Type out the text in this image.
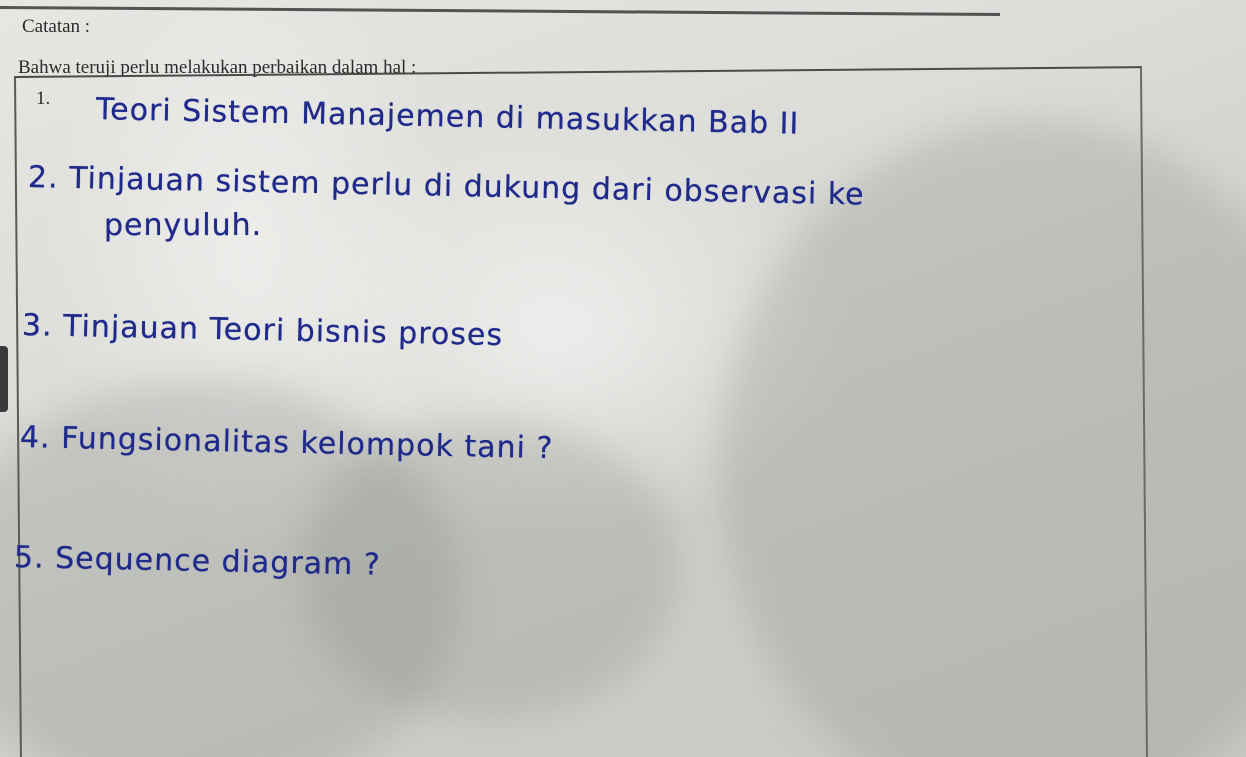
Catatan :

Bahwa teruji perlu melakukan perbaikan dalam hal :

1. Teori Sistem Manajemen di masukkan Bab II

2. Tinjauan sistem perlu di dukung dari observasi ke

penyuluh.

3. Tinjauan Teori bisnis proses

4. Fungsionalitas kelompok tani ?

5. Sequence diagram ?
